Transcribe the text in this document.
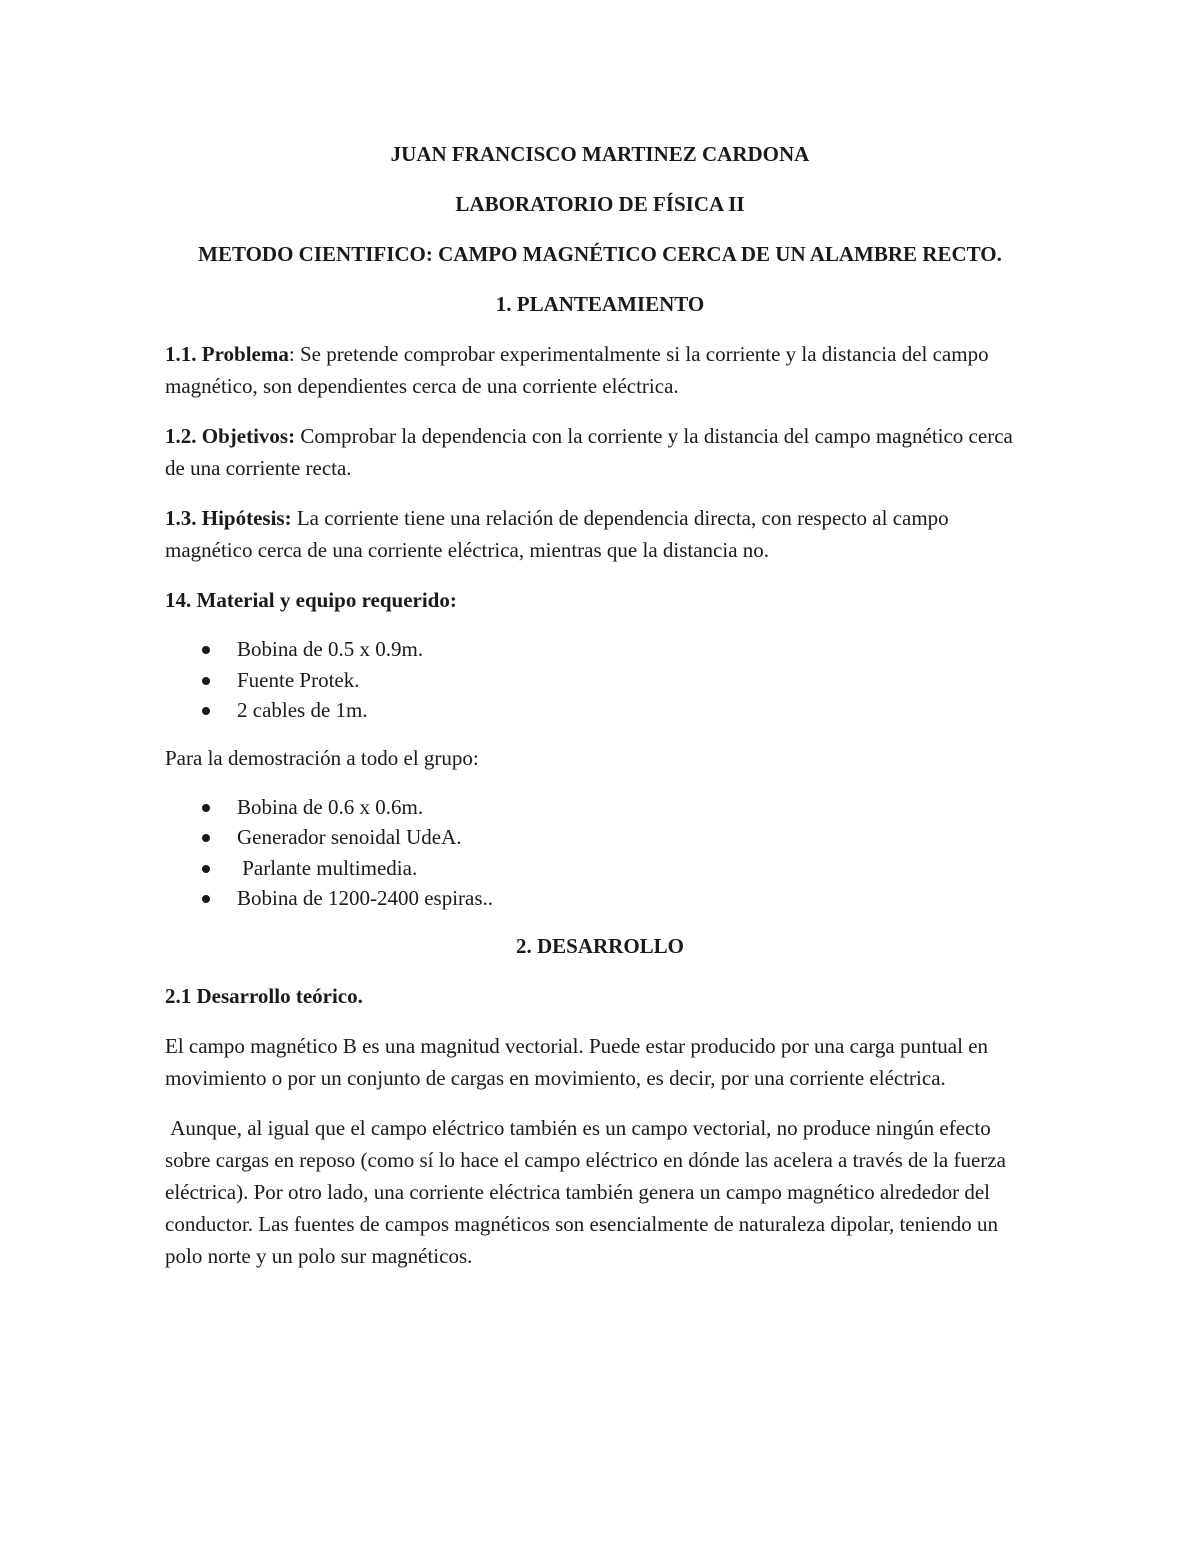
JUAN FRANCISCO MARTINEZ CARDONA

LABORATORIO DE FÍSICA II

METODO CIENTIFICO: CAMPO MAGNÉTICO CERCA DE UN ALAMBRE RECTO.

1. PLANTEAMIENTO

1.1. Problema: Se pretende comprobar experimentalmente si la corriente y la distancia del campo magnético, son dependientes cerca de una corriente eléctrica.

1.2. Objetivos: Comprobar la dependencia con la corriente y la distancia del campo magnético cerca de una corriente recta.

1.3. Hipótesis: La corriente tiene una relación de dependencia directa, con respecto al campo magnético cerca de una corriente eléctrica, mientras que la distancia no.

14. Material y equipo requerido:

Bobina de 0.5 x 0.9m.
Fuente Protek.
2 cables de 1m.

Para la demostración a todo el grupo:

Bobina de 0.6 x 0.6m.
Generador senoidal UdeA.
Parlante multimedia.
Bobina de 1200-2400 espiras..

2. DESARROLLO

2.1 Desarrollo teórico.

El campo magnético B es una magnitud vectorial. Puede estar producido por una carga puntual en movimiento o por un conjunto de cargas en movimiento, es decir, por una corriente eléctrica.

Aunque, al igual que el campo eléctrico también es un campo vectorial, no produce ningún efecto sobre cargas en reposo (como sí lo hace el campo eléctrico en dónde las acelera a través de la fuerza eléctrica). Por otro lado, una corriente eléctrica también genera un campo magnético alrededor del conductor. Las fuentes de campos magnéticos son esencialmente de naturaleza dipolar, teniendo un polo norte y un polo sur magnéticos.
